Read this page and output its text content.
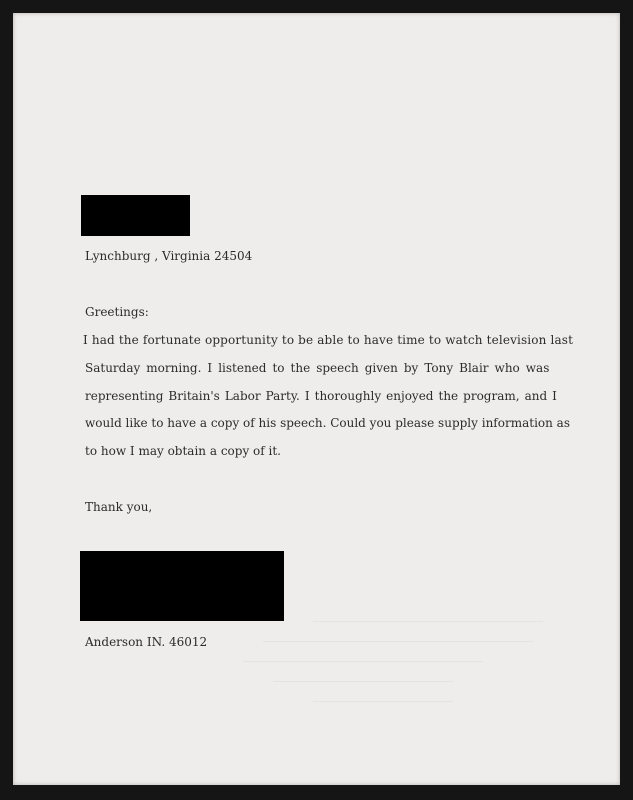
Lynchburg , Virginia 24504
Greetings:
I had the fortunate opportunity to be able to have time to watch television last
Saturday morning. I listened to the speech given by Tony Blair who was
representing Britain's Labor Party. I thoroughly enjoyed the program, and I
would like to have a copy of his speech. Could you please supply information as
to how I may obtain a copy of it.
Thank you,
Anderson IN. 46012
